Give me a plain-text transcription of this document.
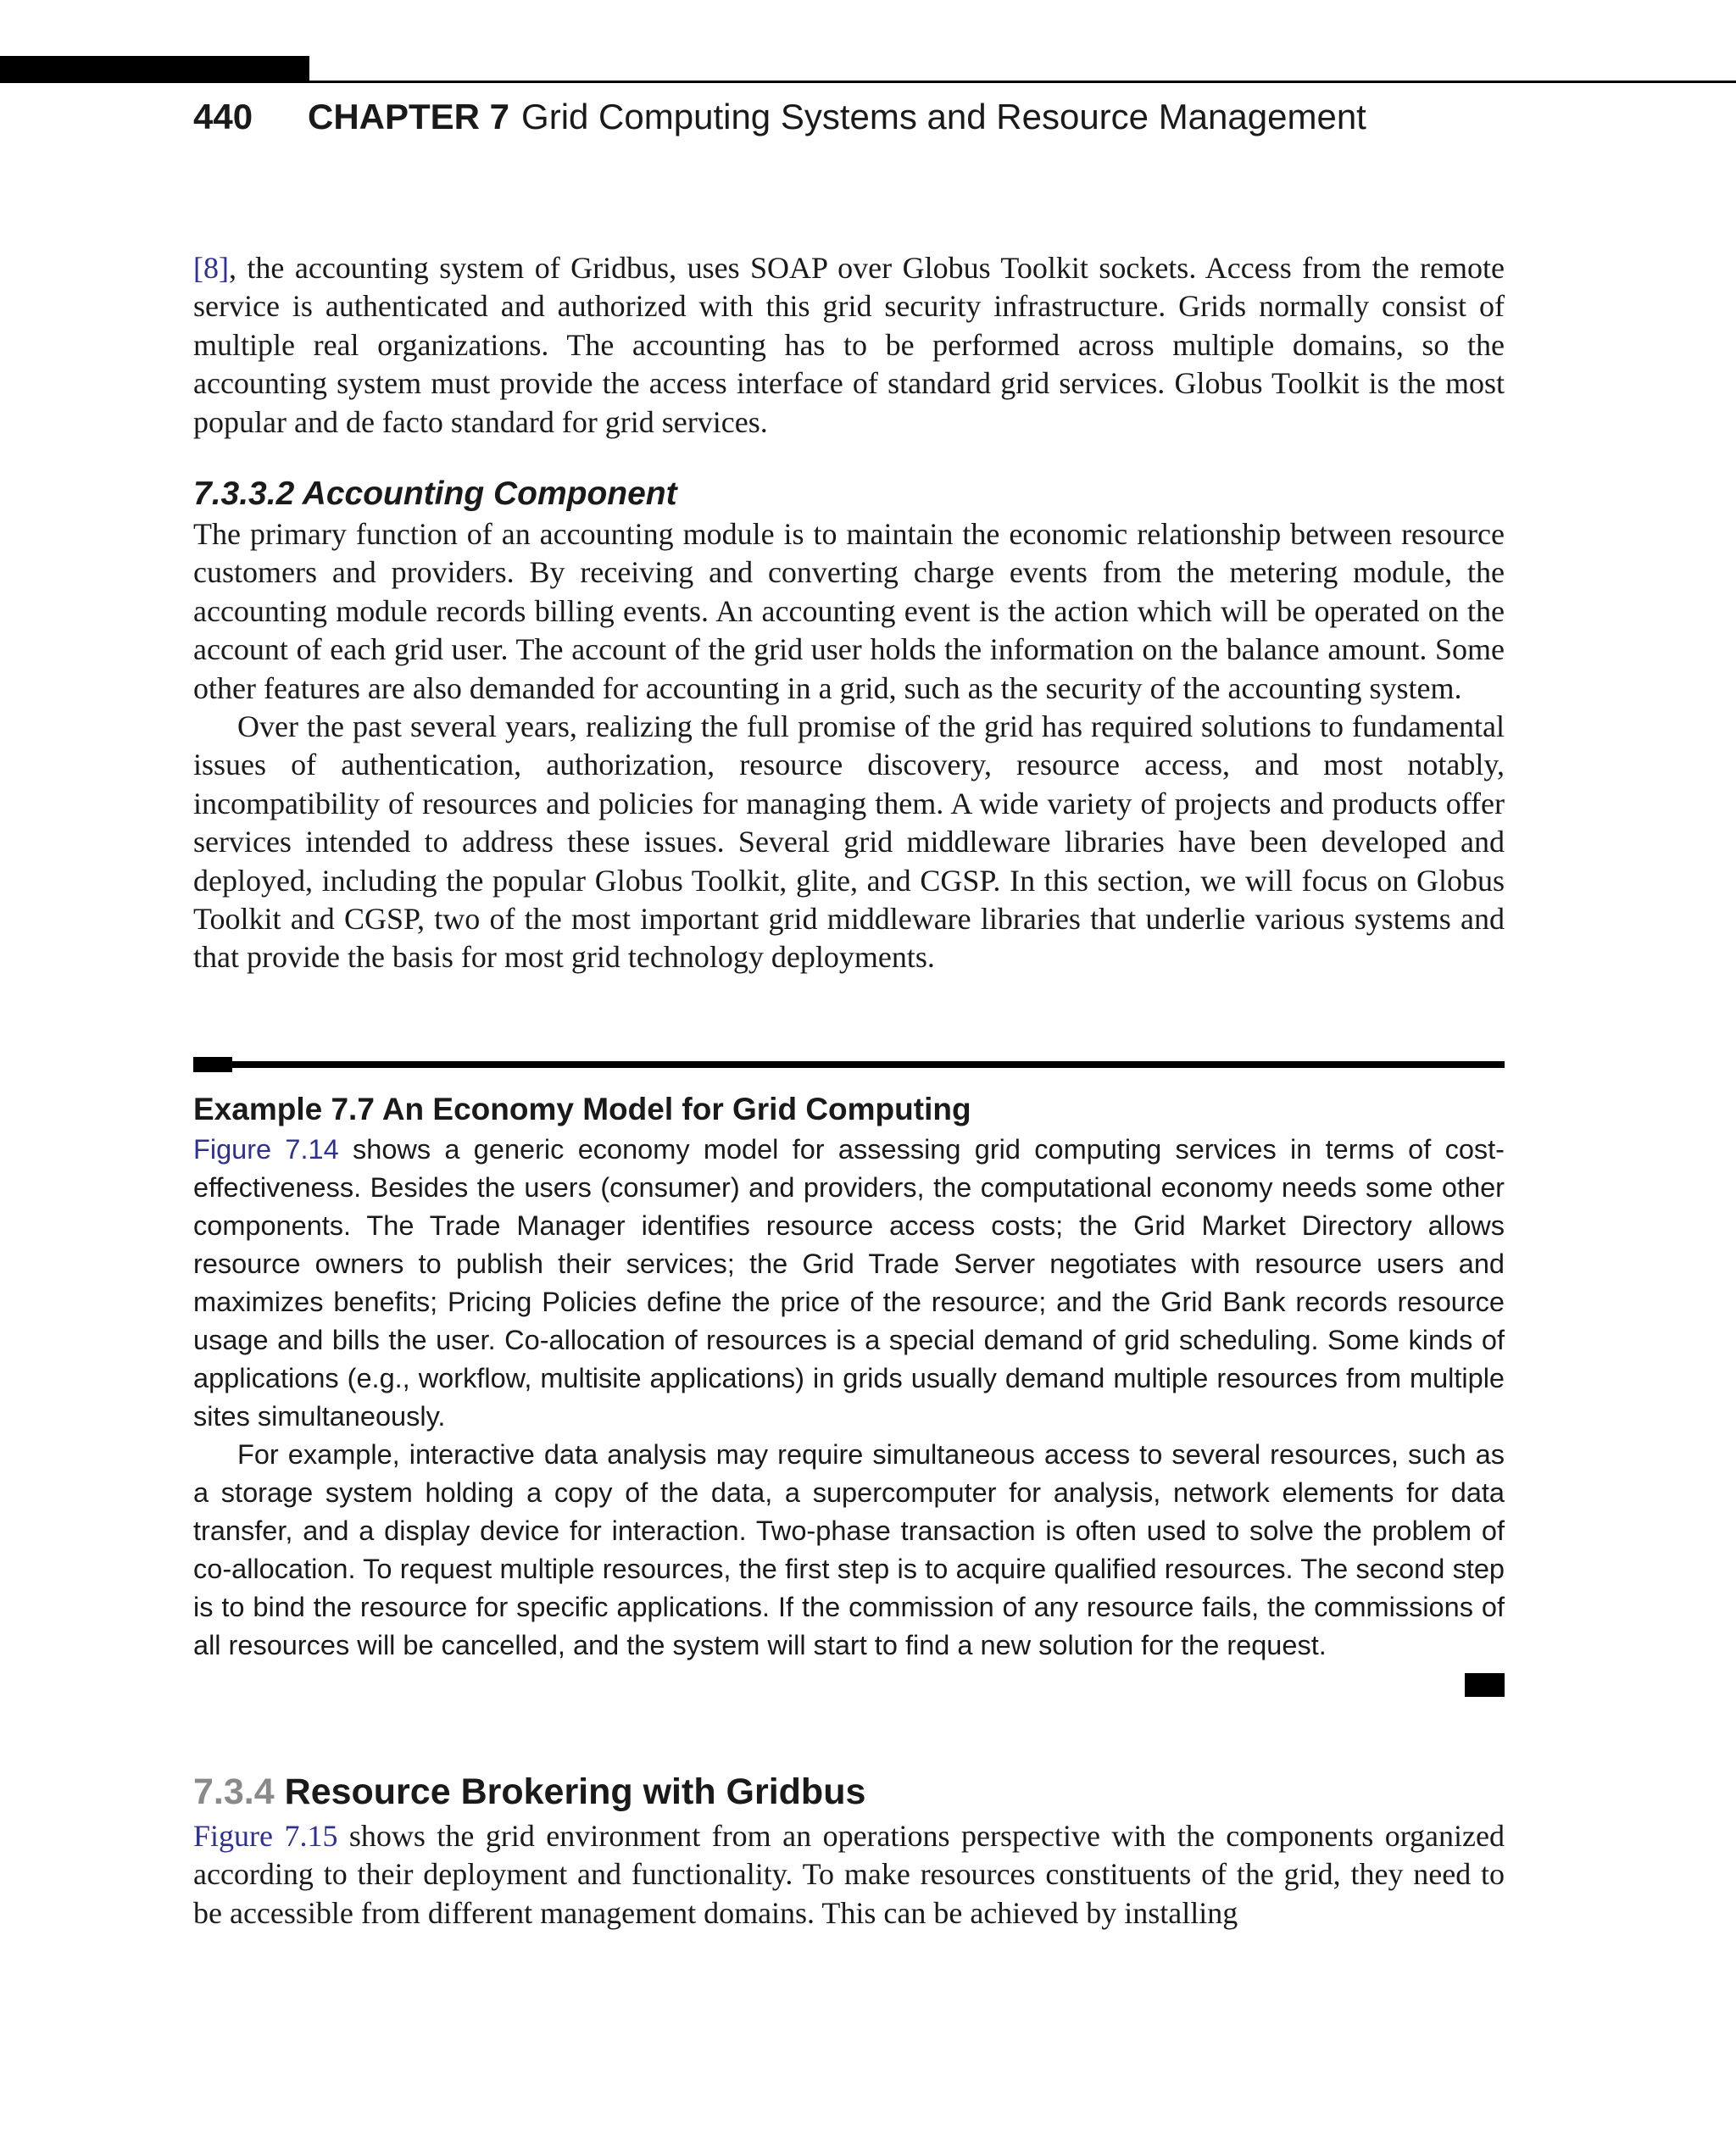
440 CHAPTER 7 Grid Computing Systems and Resource Management

[8], the accounting system of Gridbus, uses SOAP over Globus Toolkit sockets. Access from the remote service is authenticated and authorized with this grid security infrastructure. Grids normally consist of multiple real organizations. The accounting has to be performed across multiple domains, so the accounting system must provide the access interface of standard grid services. Globus Toolkit is the most popular and de facto standard for grid services.

7.3.3.2 Accounting Component

The primary function of an accounting module is to maintain the economic relationship between resource customers and providers. By receiving and converting charge events from the metering module, the accounting module records billing events. An accounting event is the action which will be operated on the account of each grid user. The account of the grid user holds the information on the balance amount. Some other features are also demanded for accounting in a grid, such as the security of the accounting system.

Over the past several years, realizing the full promise of the grid has required solutions to fundamental issues of authentication, authorization, resource discovery, resource access, and most notably, incompatibility of resources and policies for managing them. A wide variety of projects and products offer services intended to address these issues. Several grid middleware libraries have been developed and deployed, including the popular Globus Toolkit, glite, and CGSP. In this section, we will focus on Globus Toolkit and CGSP, two of the most important grid middleware libraries that underlie various systems and that provide the basis for most grid technology deployments.

Example 7.7 An Economy Model for Grid Computing

Figure 7.14 shows a generic economy model for assessing grid computing services in terms of cost-effectiveness. Besides the users (consumer) and providers, the computational economy needs some other components. The Trade Manager identifies resource access costs; the Grid Market Directory allows resource owners to publish their services; the Grid Trade Server negotiates with resource users and maximizes benefits; Pricing Policies define the price of the resource; and the Grid Bank records resource usage and bills the user. Co-allocation of resources is a special demand of grid scheduling. Some kinds of applications (e.g., workflow, multisite applications) in grids usually demand multiple resources from multiple sites simultaneously.

For example, interactive data analysis may require simultaneous access to several resources, such as a storage system holding a copy of the data, a supercomputer for analysis, network elements for data transfer, and a display device for interaction. Two-phase transaction is often used to solve the problem of co-allocation. To request multiple resources, the first step is to acquire qualified resources. The second step is to bind the resource for specific applications. If the commission of any resource fails, the commissions of all resources will be cancelled, and the system will start to find a new solution for the request.

7.3.4 Resource Brokering with Gridbus

Figure 7.15 shows the grid environment from an operations perspective with the components organized according to their deployment and functionality. To make resources constituents of the grid, they need to be accessible from different management domains. This can be achieved by installing
